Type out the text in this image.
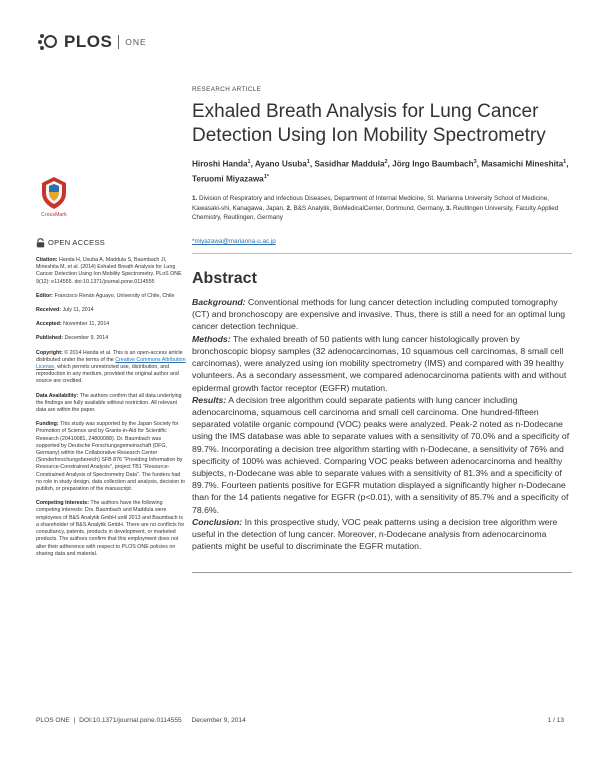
PLOS ONE
CrossMark
OPEN ACCESS
Citation: Handa H, Usuba A, Maddula S, Baumbach JI, Mineshita M, et al. (2014) Exhaled Breath Analysis for Lung Cancer Detection Using Ion Mobility Spectrometry. PLoS ONE 9(12): e114555. doi:10.1371/journal.pone.0114555
Editor: Francisco Renán Aguayo, University of Chile, Chile
Received: July 11, 2014
Accepted: November 11, 2014
Published: December 9, 2014
Copyright: © 2014 Handa et al. This is an open-access article distributed under the terms of the Creative Commons Attribution License, which permits unrestricted use, distribution, and reproduction in any medium, provided the original author and source are credited.
Data Availability: The authors confirm that all data underlying the findings are fully available without restriction. All relevant data are within the paper.
Funding: This study was supported by the Japan Society for Promotion of Science and by Grants-in-Aid for Scientific Research (20410081, 24800088). Dr. Baumbach was supported by Deutsche Forschungsgemeinschaft (DFG, Germany) within the Collaborative Research Center (Sonderforschungsbereich) SFB 876 "Providing Information by Resource-Constrained Analysis", project TB1 "Resource-Constrained Analysis of Spectrometry Data". The funders had no role in study design, data collection and analysis, decision to publish, or preparation of the manuscript.
Competing Interests: The authors have the following competing interests: Drs. Baumbach and Maddula were employees of B&S Analytik GmbH until 2013 and Baumbach is a shareholder of B&S Analytik GmbH. There are no conflicts for consultancy, patents, products in development, or marketed products. The authors confirm that this employment does not alter their adherence with respect to PLOS ONE policies on sharing data and material.
RESEARCH ARTICLE
Exhaled Breath Analysis for Lung Cancer Detection Using Ion Mobility Spectrometry
Hiroshi Handa$^1$, Ayano Usuba$^1$, Sasidhar Maddula$^2$, Jörg Ingo Baumbach$^3$, Masamichi Mineshita$^1$, Teruomi Miyazawa$^{1*}$
1. Division of Respiratory and Infectious Diseases, Department of Internal Medicine, St. Marianna University School of Medicine, Kawasaki-shi, Kanagawa, Japan, 2. B&S Analytik, BioMedicalCenter, Dortmund, Germany, 3. Reutlingen University, Faculty Applied Chemistry, Reutlingen, Germany
*miyazawa@marianna-u.ac.jp
Abstract
Background: Conventional methods for lung cancer detection including computed tomography (CT) and bronchoscopy are expensive and invasive. Thus, there is still a need for an optimal lung cancer detection technique.
Methods: The exhaled breath of 50 patients with lung cancer histologically proven by bronchoscopic biopsy samples (32 adenocarcinomas, 10 squamous cell carcinomas, 8 small cell carcinomas), were analyzed using ion mobility spectrometry (IMS) and compared with 39 healthy volunteers. As a secondary assessment, we compared adenocarcinoma patients with and without epidermal growth factor receptor (EGFR) mutation.
Results: A decision tree algorithm could separate patients with lung cancer including adenocarcinoma, squamous cell carcinoma and small cell carcinoma. One hundred-fifteen separated volatile organic compound (VOC) peaks were analyzed. Peak-2 noted as n-Dodecane using the IMS database was able to separate values with a sensitivity of 70.0% and a specificity of 89.7%. Incorporating a decision tree algorithm starting with n-Dodecane, a sensitivity of 76% and specificity of 100% was achieved. Comparing VOC peaks between adenocarcinoma and healthy subjects, n-Dodecane was able to separate values with a sensitivity of 81.3% and a specificity of 89.7%. Fourteen patients positive for EGFR mutation displayed a significantly higher n-Dodecane than for the 14 patients negative for EGFR (p<0.01), with a sensitivity of 85.7% and a specificity of 78.6%.
Conclusion: In this prospective study, VOC peak patterns using a decision tree algorithm were useful in the detection of lung cancer. Moreover, n-Dodecane analysis from adenocarcinoma patients might be useful to discriminate the EGFR mutation.
PLOS ONE | DOI:10.1371/journal.pone.0114555 December 9, 2014	1 / 13
